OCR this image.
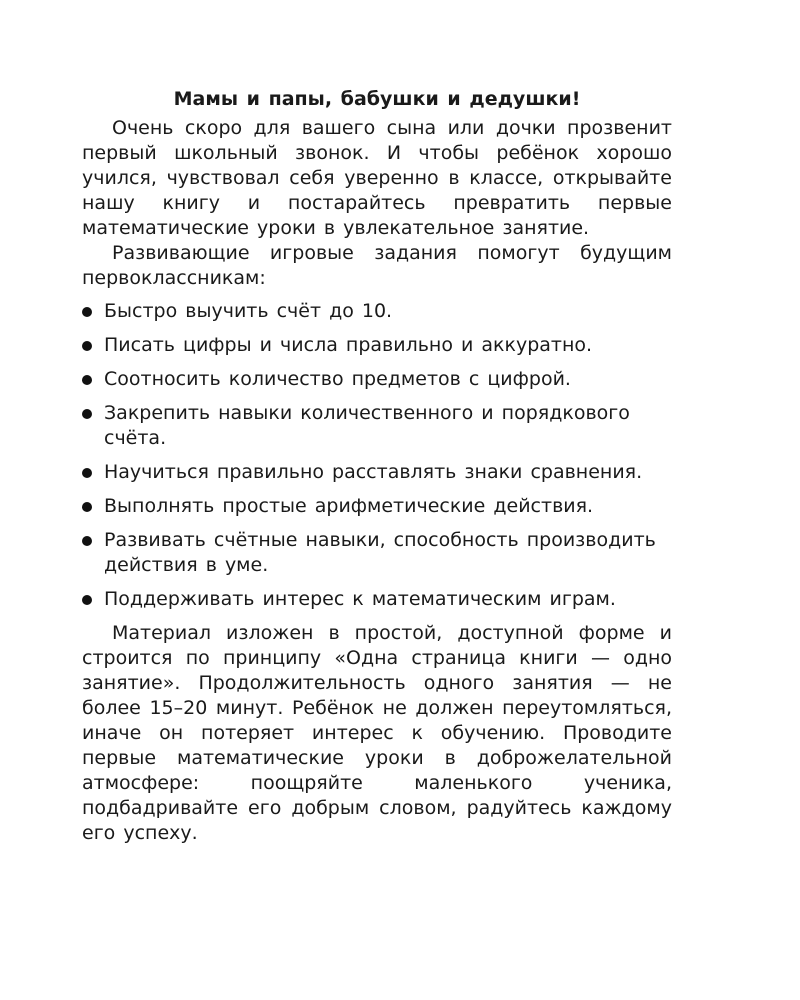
Мамы и папы, бабушки и дедушки!

Очень скоро для вашего сына или дочки прозвенит первый школьный звонок. И чтобы ребёнок хорошо учился, чувствовал себя уверенно в классе, открывайте нашу книгу и постарайтесь превратить первые математические уроки в увлекательное занятие.

Развивающие игровые задания помогут будущим первоклассникам:

Быстро выучить счёт до 10.
Писать цифры и числа правильно и аккуратно.
Соотносить количество предметов с цифрой.
Закрепить навыки количественного и порядкового счёта.
Научиться правильно расставлять знаки сравнения.
Выполнять простые арифметические действия.
Развивать счётные навыки, способность производить действия в уме.
Поддерживать интерес к математическим играм.

Материал изложен в простой, доступной форме и строится по принципу «Одна страница книги — одно занятие». Продолжительность одного занятия — не более 15–20 минут. Ребёнок не должен переутомляться, иначе он потеряет интерес к обучению. Проводите первые математические уроки в доброжелательной атмосфере: поощряйте маленького ученика, подбадривайте его добрым словом, радуйтесь каждому его успеху.
